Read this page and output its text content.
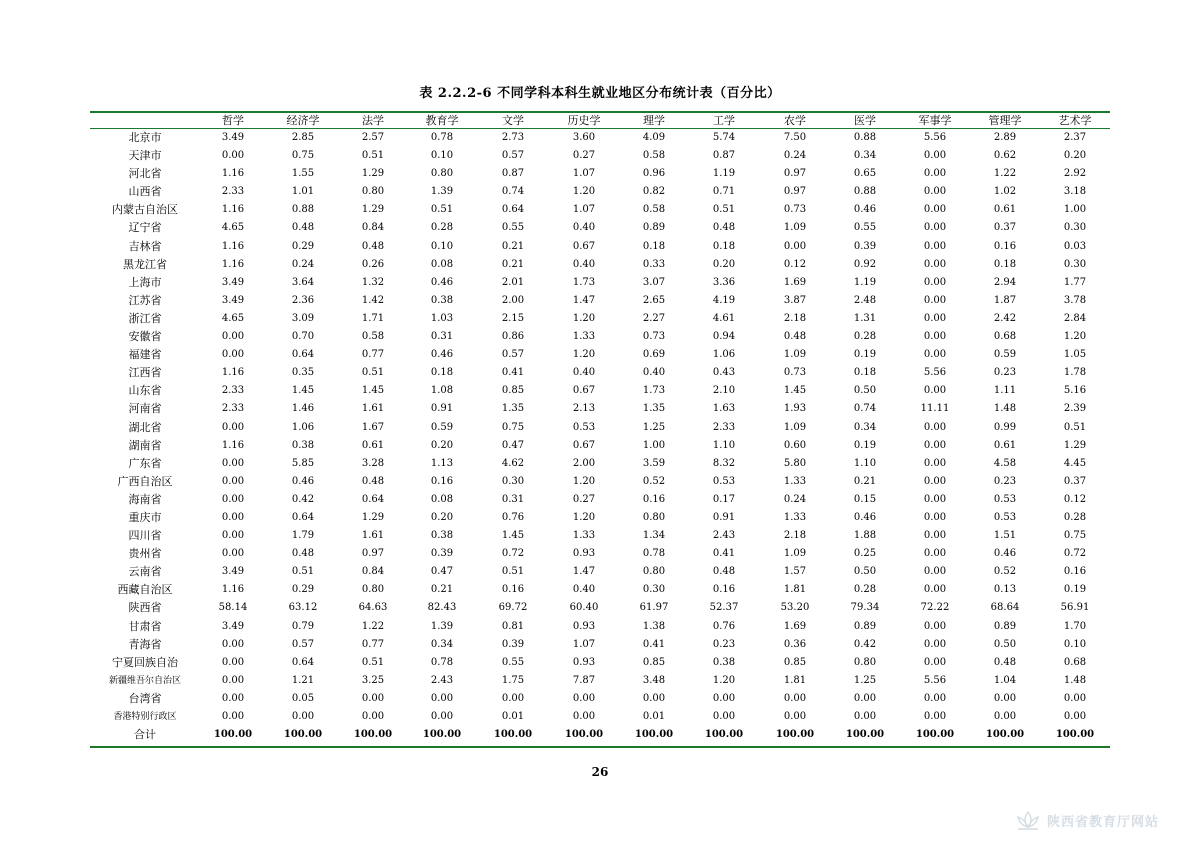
表 2.2.2-6 不同学科本科生就业地区分布统计表（百分比）
	哲学	经济学	法学	教育学	文学	历史学	理学	工学	农学	医学	军事学	管理学	艺术学
北京市	3.49	2.85	2.57	0.78	2.73	3.60	4.09	5.74	7.50	0.88	5.56	2.89	2.37
天津市	0.00	0.75	0.51	0.10	0.57	0.27	0.58	0.87	0.24	0.34	0.00	0.62	0.20
河北省	1.16	1.55	1.29	0.80	0.87	1.07	0.96	1.19	0.97	0.65	0.00	1.22	2.92
山西省	2.33	1.01	0.80	1.39	0.74	1.20	0.82	0.71	0.97	0.88	0.00	1.02	3.18
内蒙古自治区	1.16	0.88	1.29	0.51	0.64	1.07	0.58	0.51	0.73	0.46	0.00	0.61	1.00
辽宁省	4.65	0.48	0.84	0.28	0.55	0.40	0.89	0.48	1.09	0.55	0.00	0.37	0.30
吉林省	1.16	0.29	0.48	0.10	0.21	0.67	0.18	0.18	0.00	0.39	0.00	0.16	0.03
黑龙江省	1.16	0.24	0.26	0.08	0.21	0.40	0.33	0.20	0.12	0.92	0.00	0.18	0.30
上海市	3.49	3.64	1.32	0.46	2.01	1.73	3.07	3.36	1.69	1.19	0.00	2.94	1.77
江苏省	3.49	2.36	1.42	0.38	2.00	1.47	2.65	4.19	3.87	2.48	0.00	1.87	3.78
浙江省	4.65	3.09	1.71	1.03	2.15	1.20	2.27	4.61	2.18	1.31	0.00	2.42	2.84
安徽省	0.00	0.70	0.58	0.31	0.86	1.33	0.73	0.94	0.48	0.28	0.00	0.68	1.20
福建省	0.00	0.64	0.77	0.46	0.57	1.20	0.69	1.06	1.09	0.19	0.00	0.59	1.05
江西省	1.16	0.35	0.51	0.18	0.41	0.40	0.40	0.43	0.73	0.18	5.56	0.23	1.78
山东省	2.33	1.45	1.45	1.08	0.85	0.67	1.73	2.10	1.45	0.50	0.00	1.11	5.16
河南省	2.33	1.46	1.61	0.91	1.35	2.13	1.35	1.63	1.93	0.74	11.11	1.48	2.39
湖北省	0.00	1.06	1.67	0.59	0.75	0.53	1.25	2.33	1.09	0.34	0.00	0.99	0.51
湖南省	1.16	0.38	0.61	0.20	0.47	0.67	1.00	1.10	0.60	0.19	0.00	0.61	1.29
广东省	0.00	5.85	3.28	1.13	4.62	2.00	3.59	8.32	5.80	1.10	0.00	4.58	4.45
广西自治区	0.00	0.46	0.48	0.16	0.30	1.20	0.52	0.53	1.33	0.21	0.00	0.23	0.37
海南省	0.00	0.42	0.64	0.08	0.31	0.27	0.16	0.17	0.24	0.15	0.00	0.53	0.12
重庆市	0.00	0.64	1.29	0.20	0.76	1.20	0.80	0.91	1.33	0.46	0.00	0.53	0.28
四川省	0.00	1.79	1.61	0.38	1.45	1.33	1.34	2.43	2.18	1.88	0.00	1.51	0.75
贵州省	0.00	0.48	0.97	0.39	0.72	0.93	0.78	0.41	1.09	0.25	0.00	0.46	0.72
云南省	3.49	0.51	0.84	0.47	0.51	1.47	0.80	0.48	1.57	0.50	0.00	0.52	0.16
西藏自治区	1.16	0.29	0.80	0.21	0.16	0.40	0.30	0.16	1.81	0.28	0.00	0.13	0.19
陕西省	58.14	63.12	64.63	82.43	69.72	60.40	61.97	52.37	53.20	79.34	72.22	68.64	56.91
甘肃省	3.49	0.79	1.22	1.39	0.81	0.93	1.38	0.76	1.69	0.89	0.00	0.89	1.70
青海省	0.00	0.57	0.77	0.34	0.39	1.07	0.41	0.23	0.36	0.42	0.00	0.50	0.10
宁夏回族自治	0.00	0.64	0.51	0.78	0.55	0.93	0.85	0.38	0.85	0.80	0.00	0.48	0.68
新疆维吾尔自治区	0.00	1.21	3.25	2.43	1.75	7.87	3.48	1.20	1.81	1.25	5.56	1.04	1.48
台湾省	0.00	0.05	0.00	0.00	0.00	0.00	0.00	0.00	0.00	0.00	0.00	0.00	0.00
香港特别行政区	0.00	0.00	0.00	0.00	0.01	0.00	0.01	0.00	0.00	0.00	0.00	0.00	0.00
合计	100.00	100.00	100.00	100.00	100.00	100.00	100.00	100.00	100.00	100.00	100.00	100.00	100.00
26
陕西省教育厅网站
